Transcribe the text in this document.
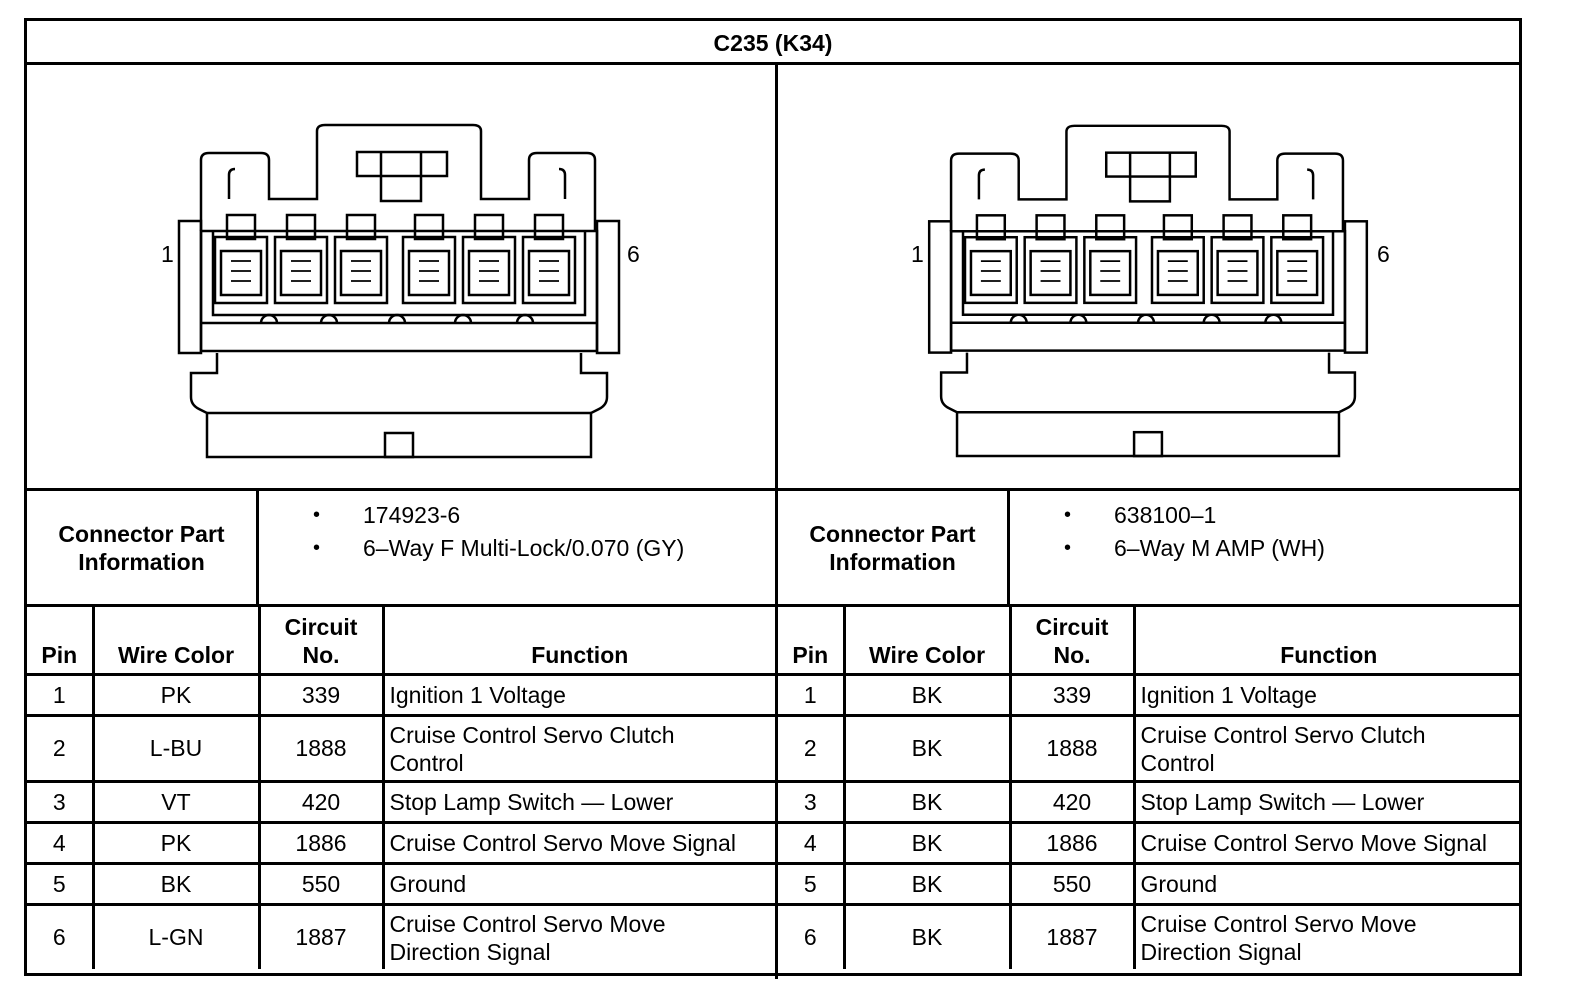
C235 (K34)
1	6
Connector Part Information
• 174923-6
• 6–Way F Multi-Lock/0.070 (GY)
Pin	Wire Color	Circuit No.	Function
1	PK	339	Ignition 1 Voltage
2	L-BU	1888	Cruise Control Servo Clutch Control

3	VT	420	Stop Lamp Switch — Lower
4	PK	1886	Cruise Control Servo Move Signal
5	BK	550	Ground
6	L-GN	1887	Cruise Control Servo Move Direction Signal
1	6
Connector Part Information
• 638100–1
• 6–Way M AMP (WH)
Pin	Wire Color	Circuit No.	Function
1	BK	339	Ignition 1 Voltage
2	BK	1888	Cruise Control Servo Clutch Control

3	BK	420	Stop Lamp Switch — Lower
4	BK	1886	Cruise Control Servo Move Signal
5	BK	550	Ground
6	BK	1887	Cruise Control Servo Move Direction Signal
